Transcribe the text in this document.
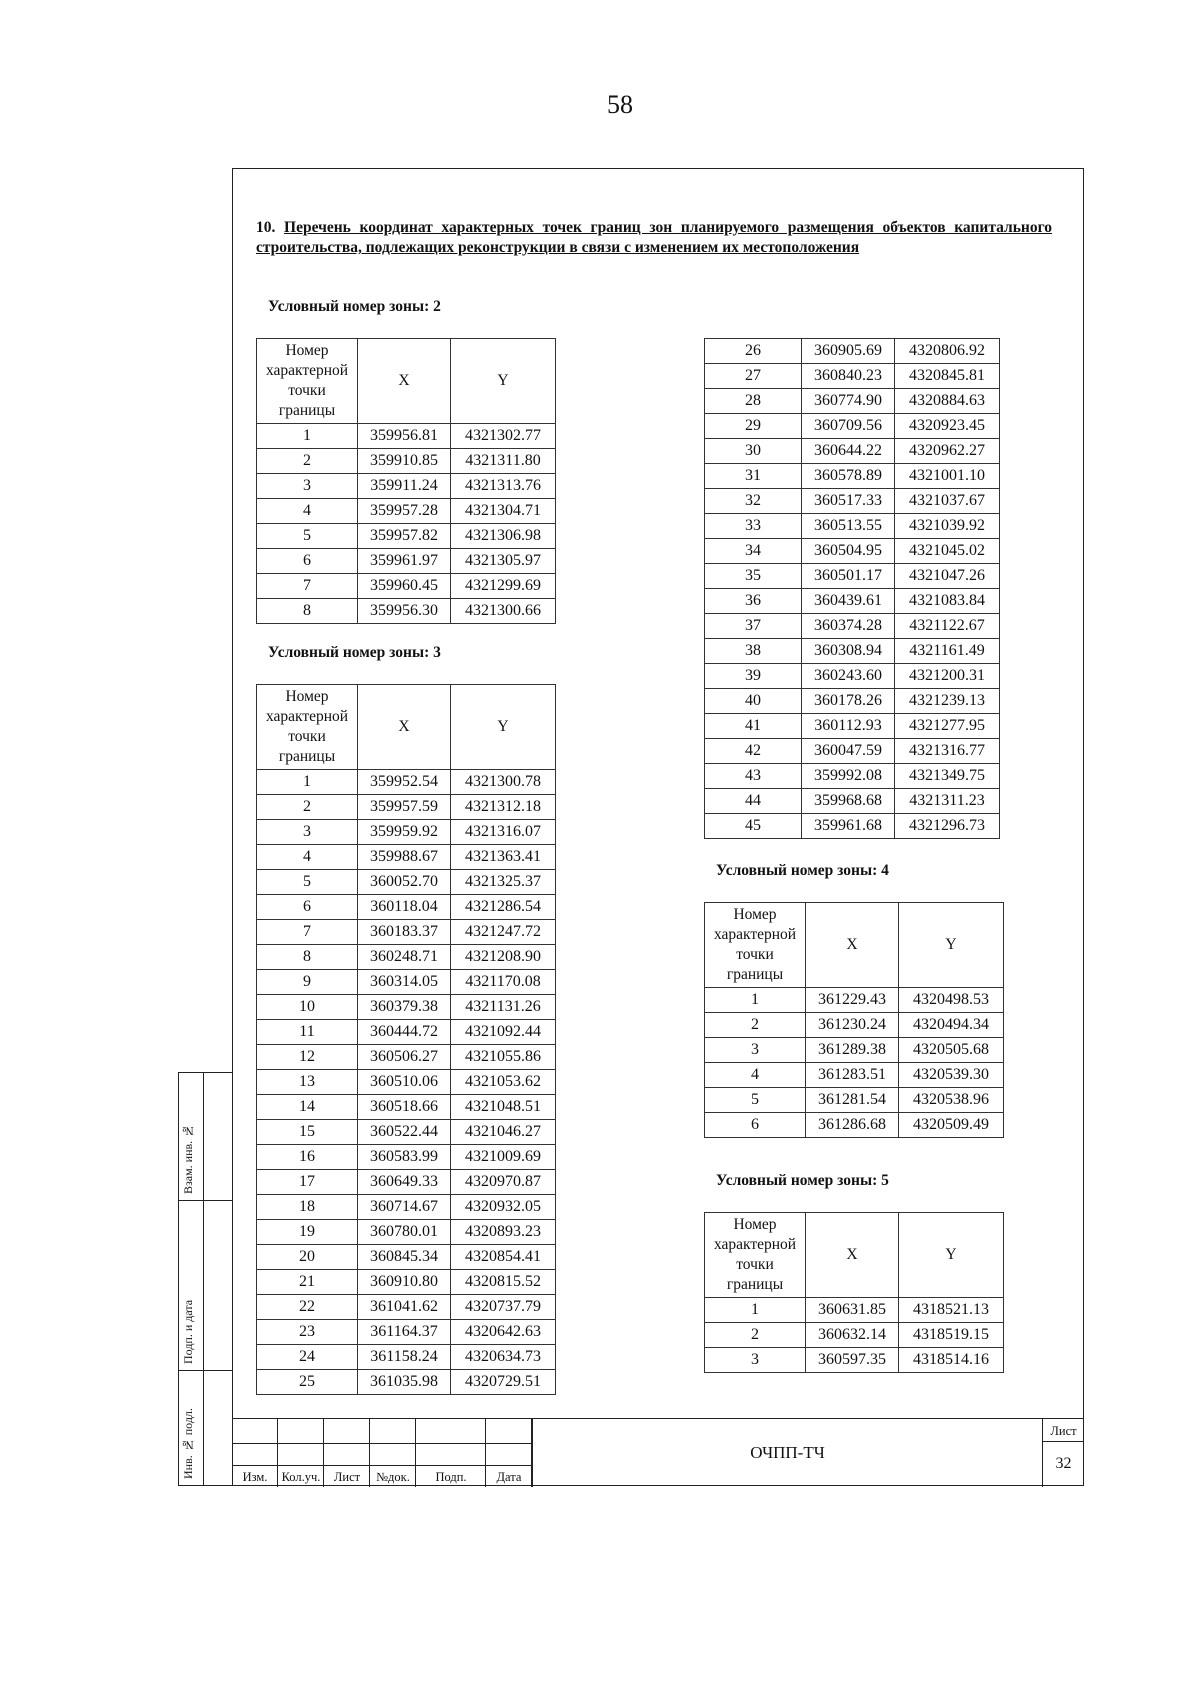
58
10. Перечень координат характерных точек границ зон планируемого размещения объектов капитального строительства, подлежащих реконструкции в связи с изменением их местоположения
Условный номер зоны: 2
Номер характерной точки границы	X	Y
1	359956.81	4321302.77
2	359910.85	4321311.80
3	359911.24	4321313.76
4	359957.28	4321304.71
5	359957.82	4321306.98
6	359961.97	4321305.97
7	359960.45	4321299.69
8	359956.30	4321300.66
Условный номер зоны: 3
Номер характерной точки границы	X	Y
1	359952.54	4321300.78
2	359957.59	4321312.18
3	359959.92	4321316.07
4	359988.67	4321363.41
5	360052.70	4321325.37
6	360118.04	4321286.54
7	360183.37	4321247.72
8	360248.71	4321208.90
9	360314.05	4321170.08
10	360379.38	4321131.26
11	360444.72	4321092.44
12	360506.27	4321055.86
13	360510.06	4321053.62
14	360518.66	4321048.51
15	360522.44	4321046.27
16	360583.99	4321009.69
17	360649.33	4320970.87
18	360714.67	4320932.05
19	360780.01	4320893.23
20	360845.34	4320854.41
21	360910.80	4320815.52
22	361041.62	4320737.79
23	361164.37	4320642.63
24	361158.24	4320634.73
25	361035.98	4320729.51
26	360905.69	4320806.92
27	360840.23	4320845.81
28	360774.90	4320884.63
29	360709.56	4320923.45
30	360644.22	4320962.27
31	360578.89	4321001.10
32	360517.33	4321037.67
33	360513.55	4321039.92
34	360504.95	4321045.02
35	360501.17	4321047.26
36	360439.61	4321083.84
37	360374.28	4321122.67
38	360308.94	4321161.49
39	360243.60	4321200.31
40	360178.26	4321239.13
41	360112.93	4321277.95
42	360047.59	4321316.77
43	359992.08	4321349.75
44	359968.68	4321311.23
45	359961.68	4321296.73
Условный номер зоны: 4
Номер характерной точки границы	X	Y
1	361229.43	4320498.53
2	361230.24	4320494.34
3	361289.38	4320505.68
4	361283.51	4320539.30
5	361281.54	4320538.96
6	361286.68	4320509.49
Условный номер зоны: 5
Номер характерной точки границы	X	Y
1	360631.85	4318521.13
2	360632.14	4318519.15
3	360597.35	4318514.16
Взам. инв. №
Подп. и дата
Инв. № подл.	Изм.	Кол.уч.	Лист	№док.	Подп.	Дата
ОЧПП-ТЧ
Лист
32
